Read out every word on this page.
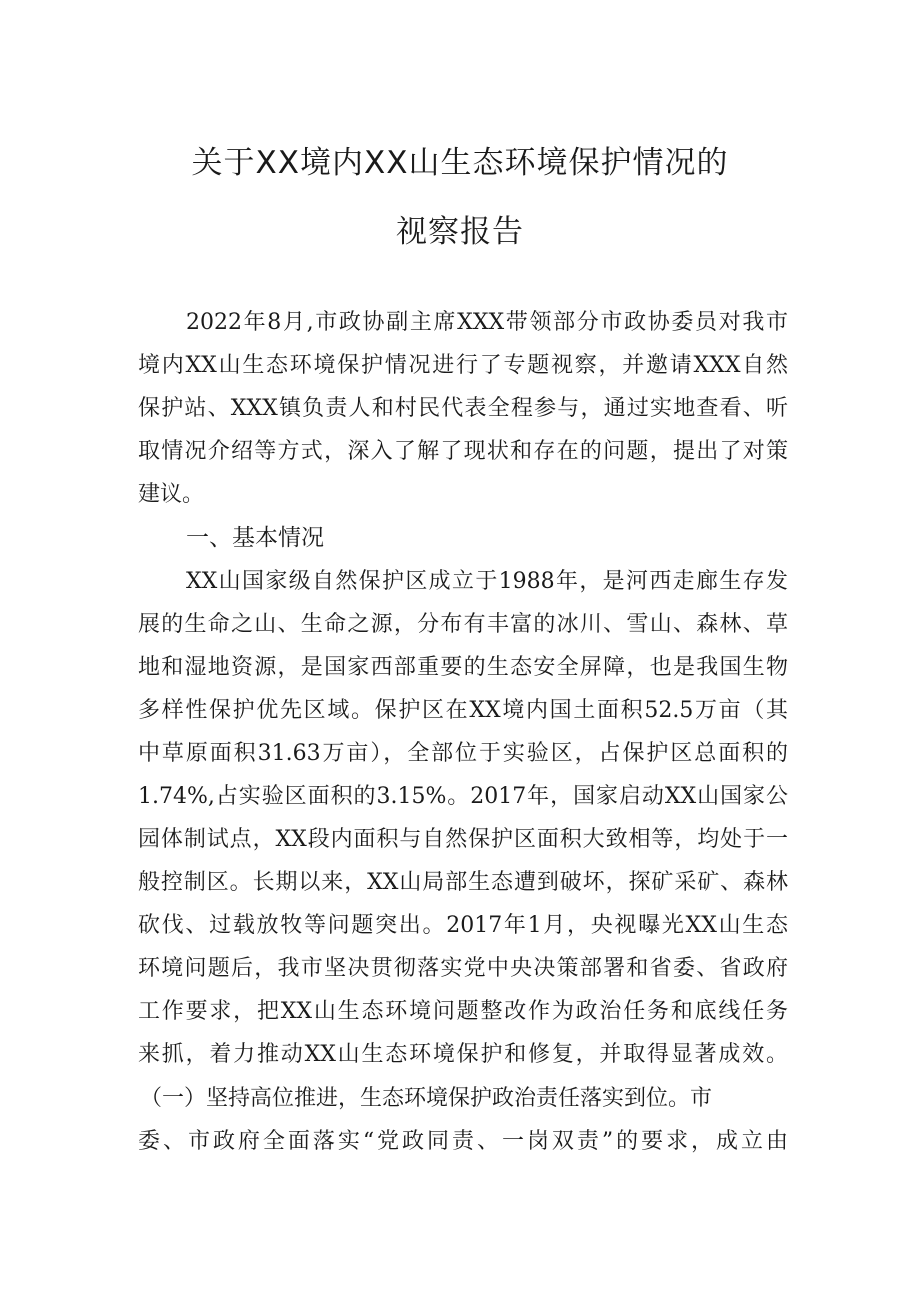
关于XX境内XX山生态环境保护情况的
视察报告

2022年8月,市政协副主席XXX带领部分市政协委员对我市

境内XX山生态环境保护情况进行了专题视察，并邀请XXX自然

保护站、XXX镇负责人和村民代表全程参与，通过实地查看、听

取情况介绍等方式，深入了解了现状和存在的问题，提出了对策

建议。

一、基本情况

XX山国家级自然保护区成立于1988年，是河西走廊生存发

展的生命之山、生命之源，分布有丰富的冰川、雪山、森林、草

地和湿地资源，是国家西部重要的生态安全屏障，也是我国生物

多样性保护优先区域。保护区在XX境内国土面积52.5万亩（其

中草原面积31.63万亩），全部位于实验区，占保护区总面积的

1.74%,占实验区面积的3.15%。2017年，国家启动XX山国家公

园体制试点，XX段内面积与自然保护区面积大致相等，均处于一

般控制区。长期以来，XX山局部生态遭到破坏，探矿采矿、森林

砍伐、过载放牧等问题突出。2017年1月，央视曝光XX山生态

环境问题后，我市坚决贯彻落实党中央决策部署和省委、省政府

工作要求，把XX山生态环境问题整改作为政治任务和底线任务

来抓，着力推动XX山生态环境保护和修复，并取得显著成效。

（一）坚持高位推进，生态环境保护政治责任落实到位。市

委、市政府全面落实“党政同责、一岗双责”的要求，成立由
